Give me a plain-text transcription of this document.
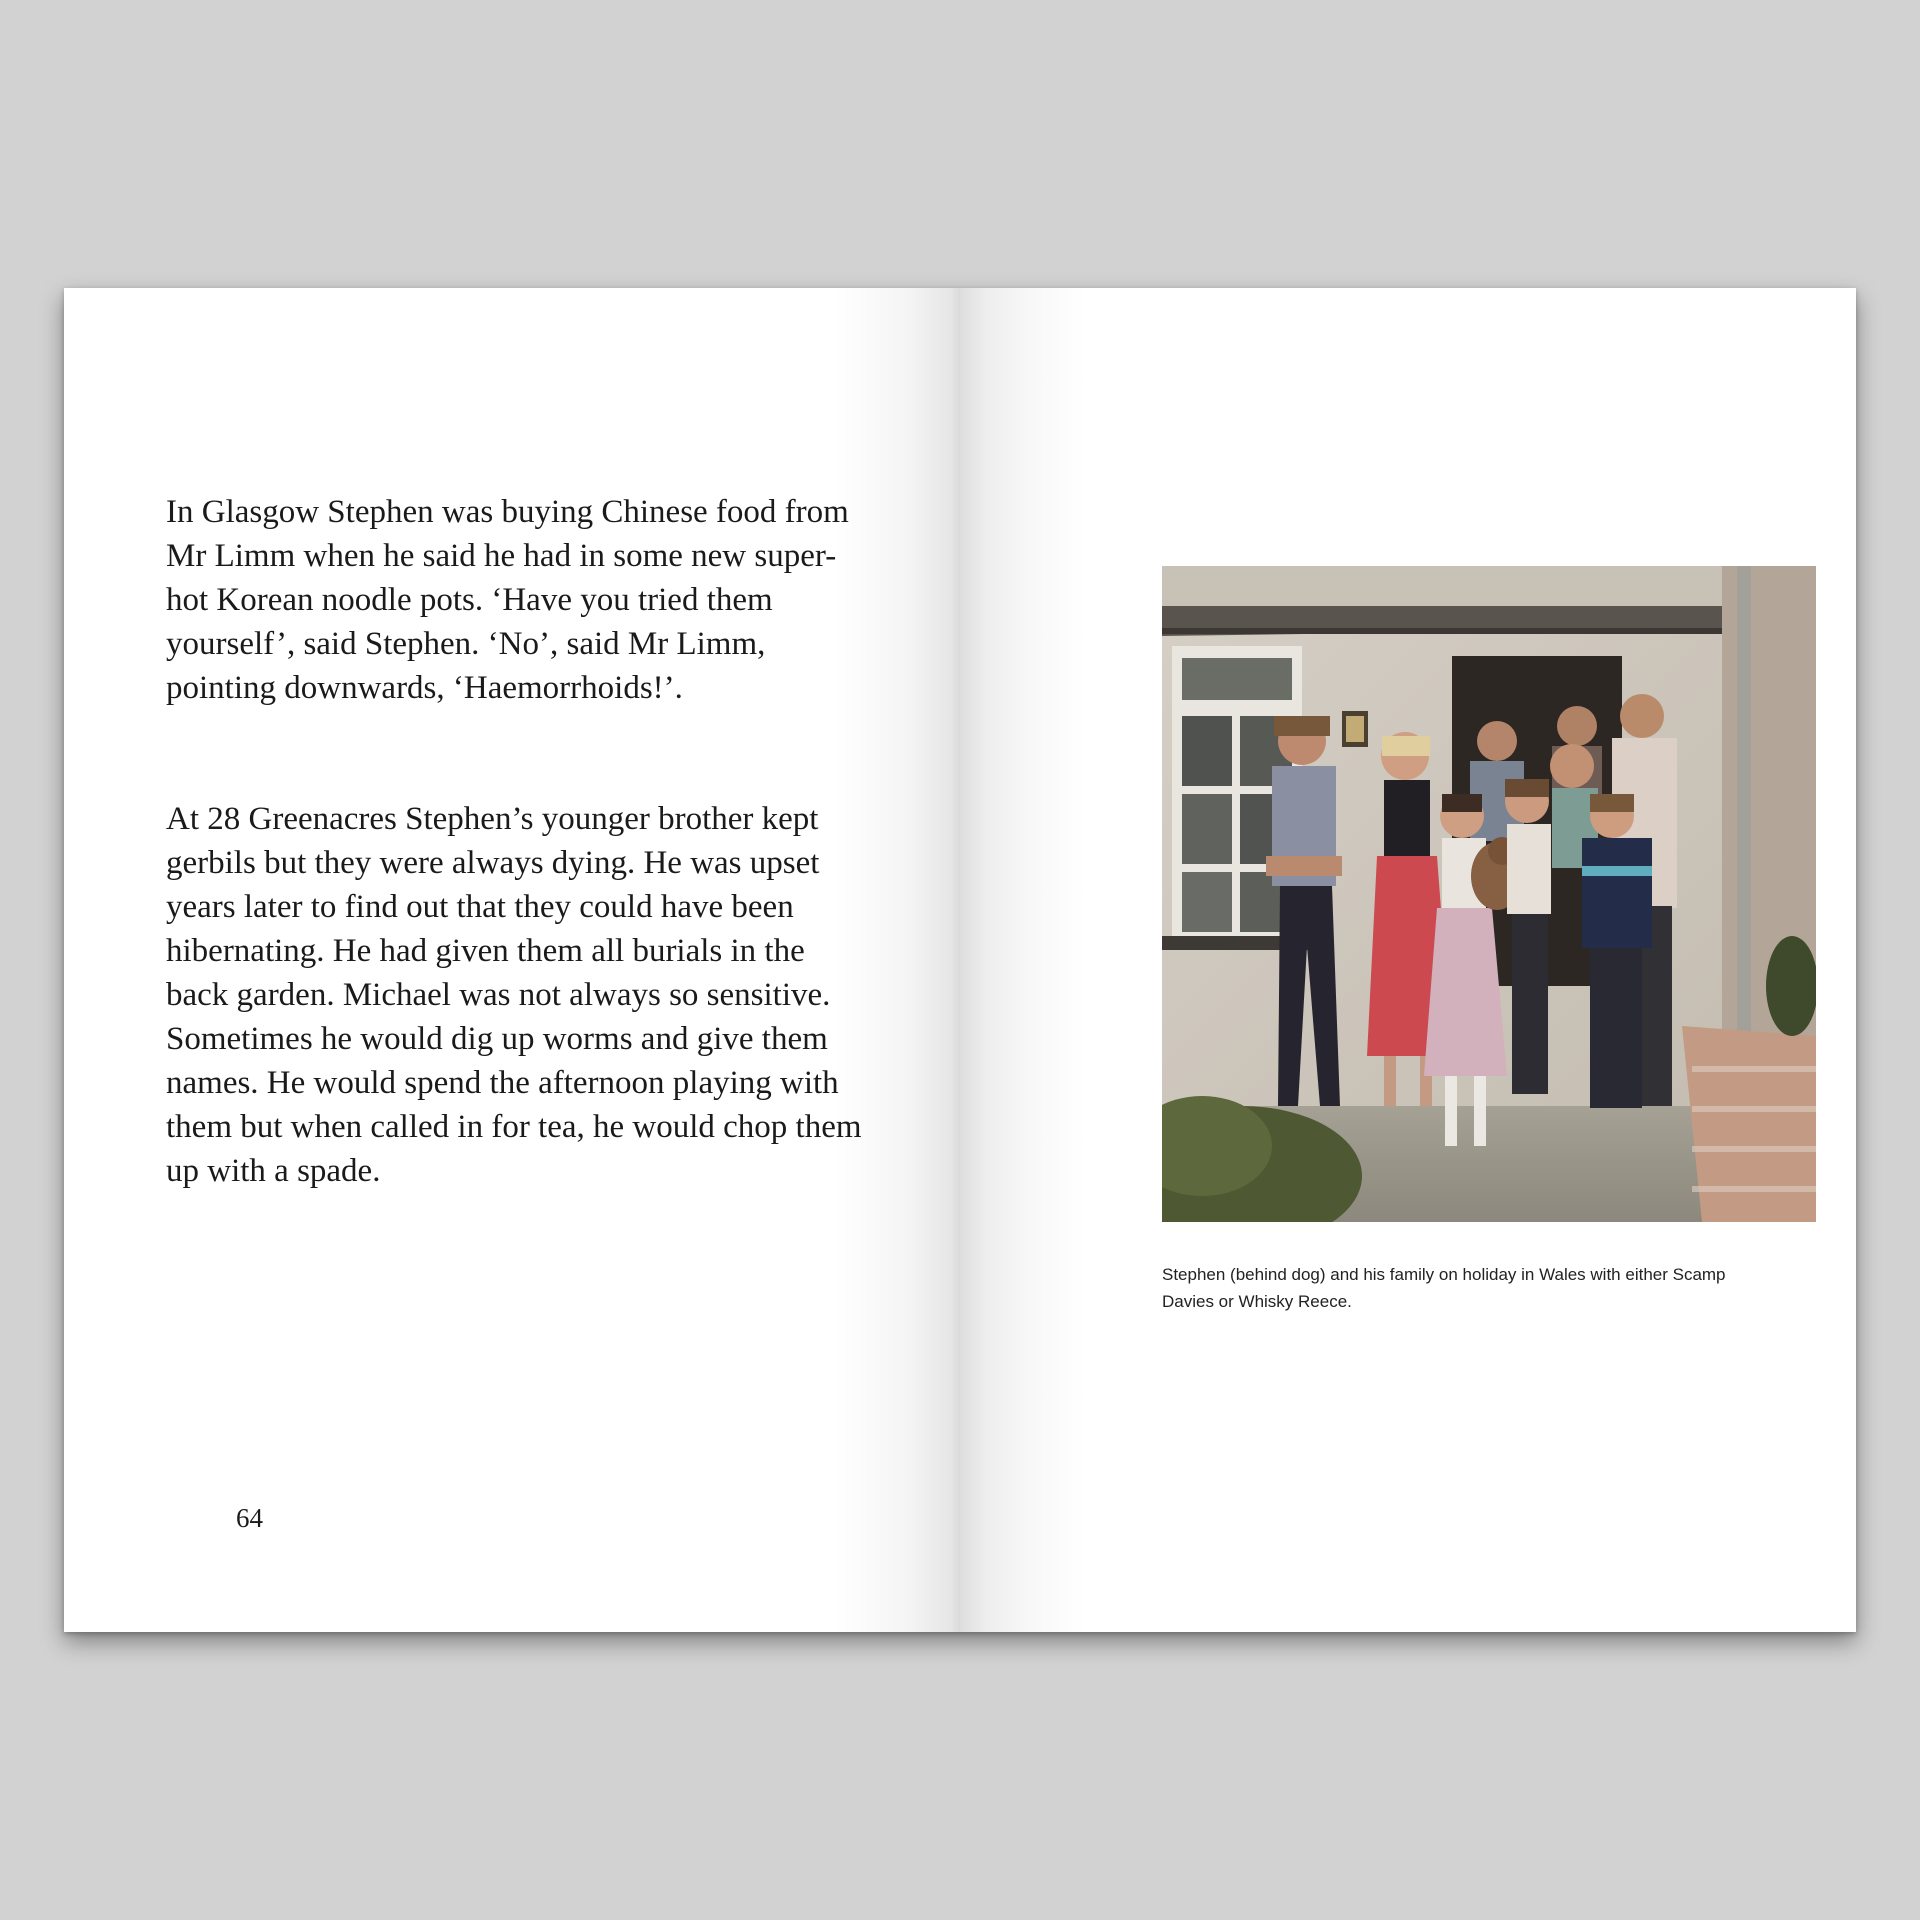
In Glasgow Stephen was buying Chinese food from Mr Limm when he said he had in some new super-hot Korean noodle pots. ‘Have you tried them yourself’, said Stephen. ‘No’, said Mr Limm, pointing downwards, ‘Haemorrhoids!’.

At 28 Greenacres Stephen’s younger brother kept gerbils but they were always dying. He was upset years later to find out that they could have been hibernating. He had given them all burials in the back garden. Michael was not always so sensitive. Sometimes he would dig up worms and give them names. He would spend the afternoon playing with them but when called in for tea, he would chop them up with a spade.

64

Stephen (behind dog) and his family on holiday in Wales with either Scamp Davies or Whisky Reece.
